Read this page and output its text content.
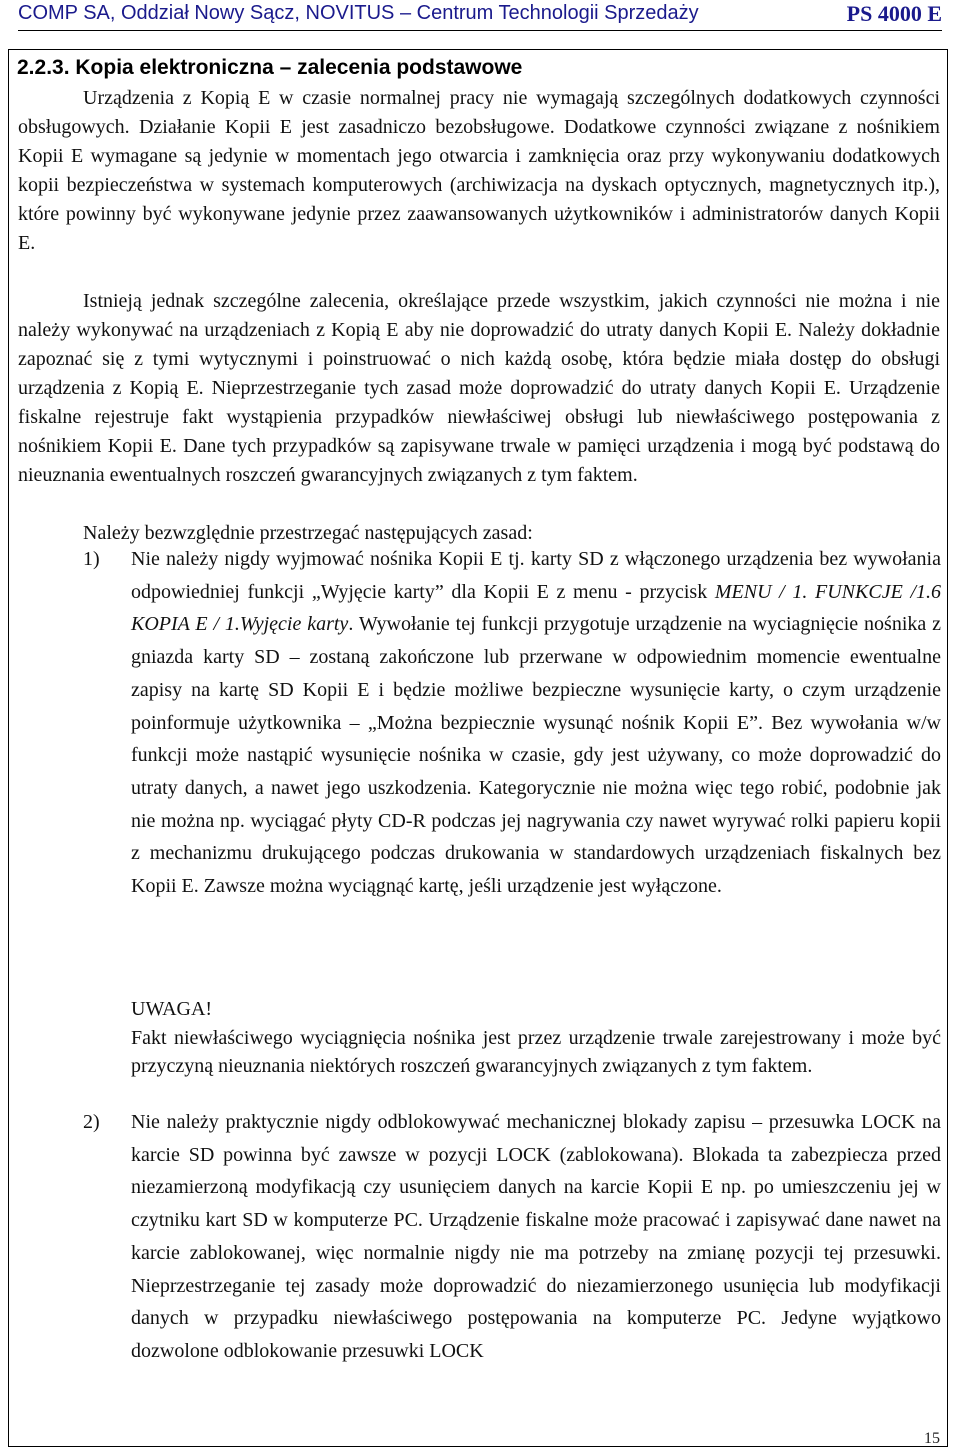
COMP SA, Oddział Nowy Sącz, NOVITUS – Centrum Technologii Sprzedaży	PS 4000 E
2.2.3. Kopia elektroniczna – zalecenia podstawowe

Urządzenia z Kopią E w czasie normalnej pracy nie wymagają szczególnych dodatkowych czynności obsługowych. Działanie Kopii E jest zasadniczo bezobsługowe. Dodatkowe czynności związane z nośnikiem Kopii E wymagane są jedynie w momentach jego otwarcia i zamknięcia oraz przy wykonywaniu dodatkowych kopii bezpieczeństwa w systemach komputerowych (archiwizacja na dyskach optycznych, magnetycznych itp.), które powinny być wykonywane jedynie przez zaawansowanych użytkowników i administratorów danych Kopii E.

Istnieją jednak szczególne zalecenia, określające przede wszystkim, jakich czynności nie można i nie należy wykonywać na urządzeniach z Kopią E aby nie doprowadzić do utraty danych Kopii E. Należy dokładnie zapoznać się z tymi wytycznymi i poinstruować o nich każdą osobę, która będzie miała dostęp do obsługi urządzenia z Kopią E. Nieprzestrzeganie tych zasad może doprowadzić do utraty danych Kopii E. Urządzenie fiskalne rejestruje fakt wystąpienia przypadków niewłaściwej obsługi lub niewłaściwego postępowania z nośnikiem Kopii E. Dane tych przypadków są zapisywane trwale w pamięci urządzenia i mogą być podstawą do nieuznania ewentualnych roszczeń gwarancyjnych związanych z tym faktem.

Należy bezwzględnie przestrzegać następujących zasad:
1) Nie należy nigdy wyjmować nośnika Kopii E tj. karty SD z włączonego urządzenia bez wywołania odpowiedniej funkcji „Wyjęcie karty” dla Kopii E z menu - przycisk MENU / 1. FUNKCJE /1.6 KOPIA E / 1.Wyjęcie karty. Wywołanie tej funkcji przygotuje urządzenie na wyciagnięcie nośnika z gniazda karty SD – zostaną zakończone lub przerwane w odpowiednim momencie ewentualne zapisy na kartę SD Kopii E i będzie możliwe bezpieczne wysunięcie karty, o czym urządzenie poinformuje użytkownika – „Można bezpiecznie wysunąć nośnik Kopii E”. Bez wywołania w/w funkcji może nastąpić wysunięcie nośnika w czasie, gdy jest używany, co może doprowadzić do utraty danych, a nawet jego uszkodzenia. Kategorycznie nie można więc tego robić, podobnie jak nie można np. wyciągać płyty CD-R podczas jej nagrywania czy nawet wyrywać rolki papieru kopii z mechanizmu drukującego podczas drukowania w standardowych urządzeniach fiskalnych bez Kopii E. Zawsze można wyciągnąć kartę, jeśli urządzenie jest wyłączone.

UWAGA!

Fakt niewłaściwego wyciągnięcia nośnika jest przez urządzenie trwale zarejestrowany i może być przyczyną nieuznania niektórych roszczeń gwarancyjnych związanych z tym faktem.

2) Nie należy praktycznie nigdy odblokowywać mechanicznej blokady zapisu – przesuwka LOCK na karcie SD powinna być zawsze w pozycji LOCK (zablokowana). Blokada ta zabezpiecza przed niezamierzoną modyfikacją czy usunięciem danych na karcie Kopii E np. po umieszczeniu jej w czytniku kart SD w komputerze PC. Urządzenie fiskalne może pracować i zapisywać dane nawet na karcie zablokowanej, więc normalnie nigdy nie ma potrzeby na zmianę pozycji tej przesuwki. Nieprzestrzeganie tej zasady może doprowadzić do niezamierzonego usunięcia lub modyfikacji danych w przypadku niewłaściwego postępowania na komputerze PC. Jedyne wyjątkowo dozwolone odblokowanie przesuwki LOCK

15
